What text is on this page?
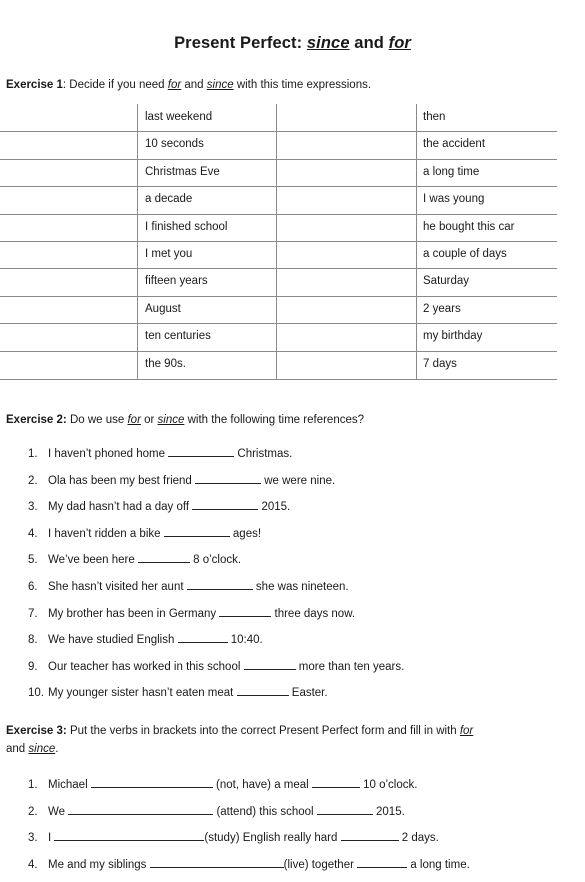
Present Perfect: since and for
Exercise 1: Decide if you need for and since with this time expressions.
last weekend	then
10 seconds	the accident
Christmas Eve	a long time
a decade	I was young
I finished school	he bought this car
I met you	a couple of days
fifteen years	Saturday
August	2 years
ten centuries	my birthday
the 90s.	7 days
Exercise 2: Do we use for or since with the following time references?
1. I haven’t phoned home	Christmas.
2. Ola has been my best friend	we were nine.
3. My dad hasn’t had a day off	2015.
4. I haven’t ridden a bike	ages!
5. We’ve been here	8 o’clock.
6. She hasn’t visited her aunt	she was nineteen.
7. My brother has been in Germany	three days now.
8. We have studied English	10:40.
9. Our teacher has worked in this school	more than ten years.
10. My younger sister hasn’t eaten meat	Easter.
Exercise 3: Put the verbs in brackets into the correct Present Perfect form and fill in with for
and since.
1. Michael	(not, have) a meal	10 o’clock.
2. We	(attend) this school	2015.
3. I	(study) English really hard	2 days.
4. Me and my siblings	(live) together	a long time.
